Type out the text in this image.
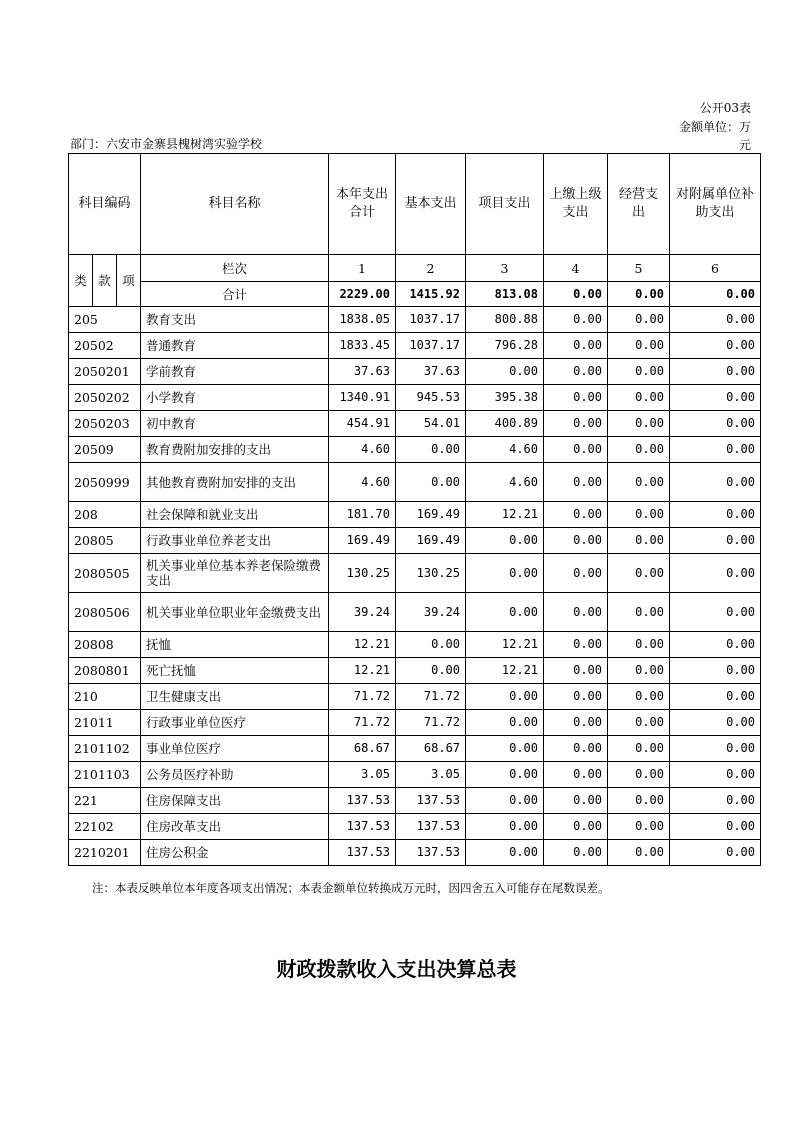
公开03表
金额单位：万
元
部门：六安市金寨县槐树湾实验学校
科目编码			科目名称	本年支出合计	基本支出	项目支出	上缴上级支出	经营支出	对附属单位补助支出
类	款	项	栏次	1	2	3	4	5	6
			合计	2229.00	1415.92	813.08	0.00	0.00	0.00
205			教育支出	1838.05	1037.17	800.88	0.00	0.00	0.00
20502			普通教育	1833.45	1037.17	796.28	0.00	0.00	0.00
2050201			学前教育	37.63	37.63	0.00	0.00	0.00	0.00
2050202			小学教育	1340.91	945.53	395.38	0.00	0.00	0.00
2050203			初中教育	454.91	54.01	400.89	0.00	0.00	0.00
20509			教育费附加安排的支出	4.60	0.00	4.60	0.00	0.00	0.00
2050999			其他教育费附加安排的支出	4.60	0.00	4.60	0.00	0.00	0.00
208			社会保障和就业支出	181.70	169.49	12.21	0.00	0.00	0.00
20805			行政事业单位养老支出	169.49	169.49	0.00	0.00	0.00	0.00
2080505			机关事业单位基本养老保险缴费支出	130.25	130.25	0.00	0.00	0.00	0.00
2080506			机关事业单位职业年金缴费支出	39.24	39.24	0.00	0.00	0.00	0.00
20808			抚恤	12.21	0.00	12.21	0.00	0.00	0.00
2080801			死亡抚恤	12.21	0.00	12.21	0.00	0.00	0.00
210			卫生健康支出	71.72	71.72	0.00	0.00	0.00	0.00
21011			行政事业单位医疗	71.72	71.72	0.00	0.00	0.00	0.00
2101102			事业单位医疗	68.67	68.67	0.00	0.00	0.00	0.00
2101103			公务员医疗补助	3.05	3.05	0.00	0.00	0.00	0.00
221			住房保障支出	137.53	137.53	0.00	0.00	0.00	0.00
22102			住房改革支出	137.53	137.53	0.00	0.00	0.00	0.00
2210201			住房公积金	137.53	137.53	0.00	0.00	0.00	0.00
注：本表反映单位本年度各项支出情况；本表金额单位转换成万元时，因四舍五入可能存在尾数误差。
财政拨款收入支出决算总表
